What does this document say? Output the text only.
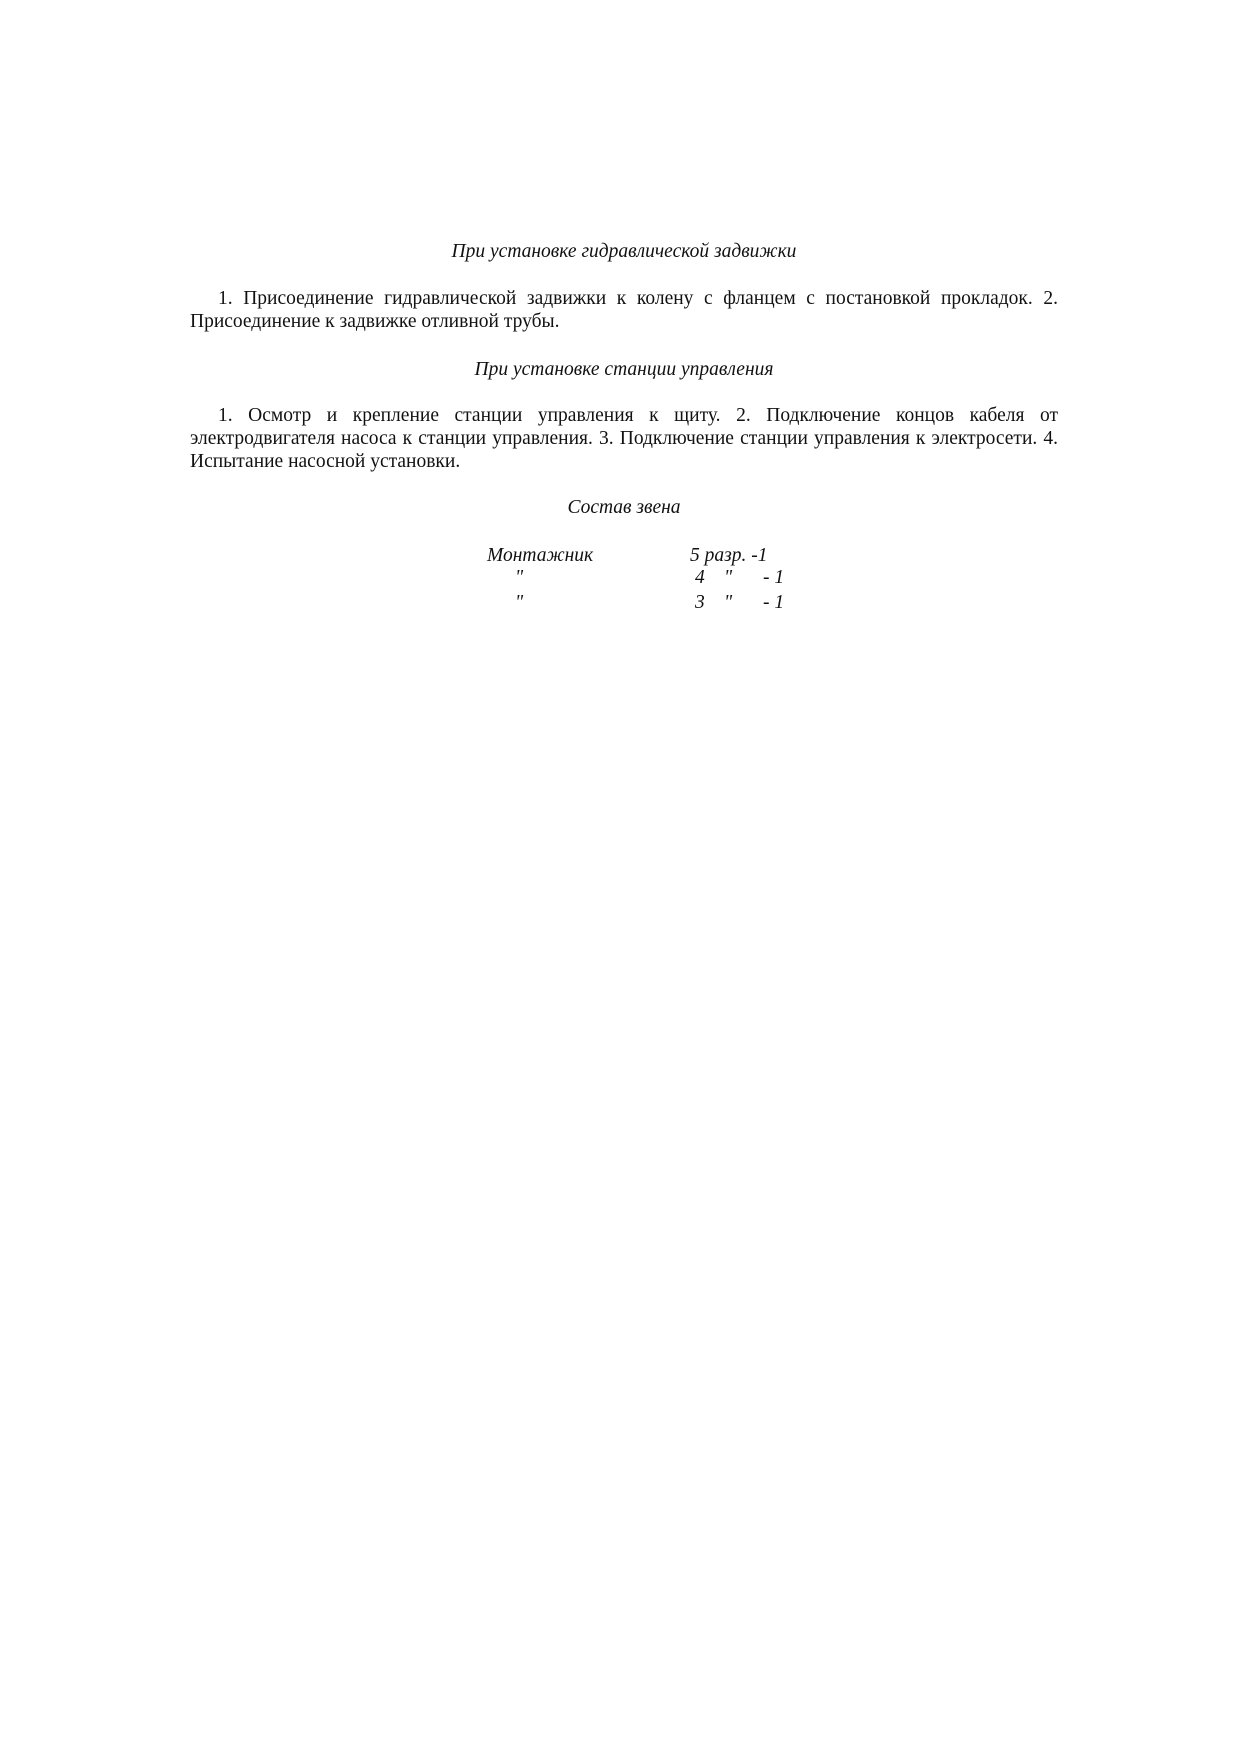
При установке гидравлической задвижки

1. Присоединение гидравлической задвижки к колену с фланцем с постановкой прокладок. 2. Присоединение к задвижке отливной трубы.

При установке станции управления

1. Осмотр и крепление станции управления к щиту. 2. Подключение концов кабеля от электродвигателя насоса к станции управления. 3. Подключение станции управления к электросети. 4. Испытание насосной установки.

Состав звена

Монтажник	5 разр. -1
"	4 " - 1
"	3 " - 1
